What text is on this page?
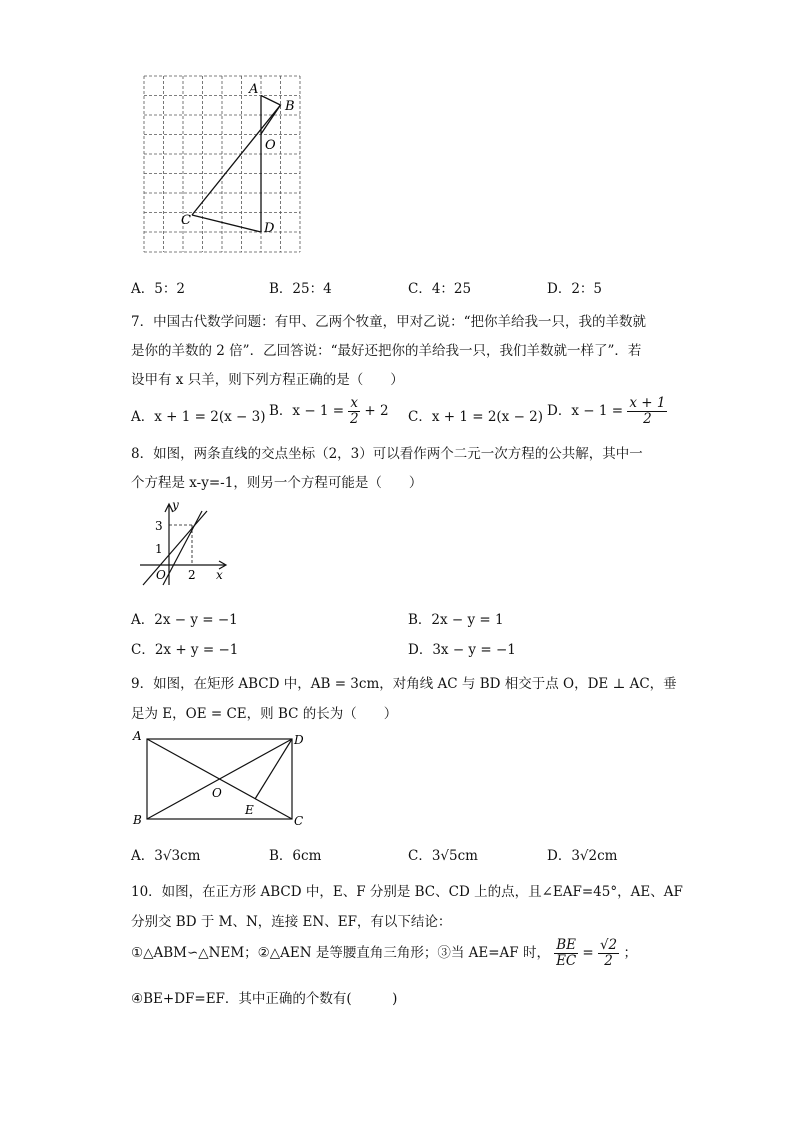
A
B
O
C
D
A．5：2	B．25：4	C．4：25	D．2：5
7．中国古代数学问题：有甲、乙两个牧童，甲对乙说：“把你羊给我一只，我的羊数就
是你的羊数的 2 倍”．乙回答说：“最好还把你的羊给我一只，我们羊数就一样了”．若
设甲有 x 只羊，则下列方程正确的是（　　）
A．x + 1 = 2(x − 3) B．$x - 1 = \frac{x}{2} + 2$ C．x + 1 = 2(x − 2) D．$x - 1 = \frac{x + 1}{2}$
8．如图，两条直线的交点坐标（2，3）可以看作两个二元一次方程的公共解，其中一
个方程是 x-y=-1，则另一个方程可能是（　　）
y
x
3
1
O 2
A．2x − y = −1	B．2x − y = 1
C．2x + y = −1	D．3x − y = −1
9．如图，在矩形 ABCD 中，AB = 3cm，对角线 AC 与 BD 相交于点 O，DE ⊥ AC，垂
足为 E，OE = CE，则 BC 的长为（　　）
A	D
B	C
O
E
A．3√3cm	B．6cm	C．3√5cm	D．3√2cm
10．如图，在正方形 ABCD 中，E、F 分别是 BC、CD 上的点，且∠EAF=45°，AE、AF
分别交 BD 于 M、N，连接 EN、EF，有以下结论：
①△ABM∽△NEM；②△AEN 是等腰直角三角形；③当 AE=AF 时， $\frac{BE}{EC} = \frac{√2}{2}$ ；
④BE+DF=EF．其中正确的个数有(　　　)
